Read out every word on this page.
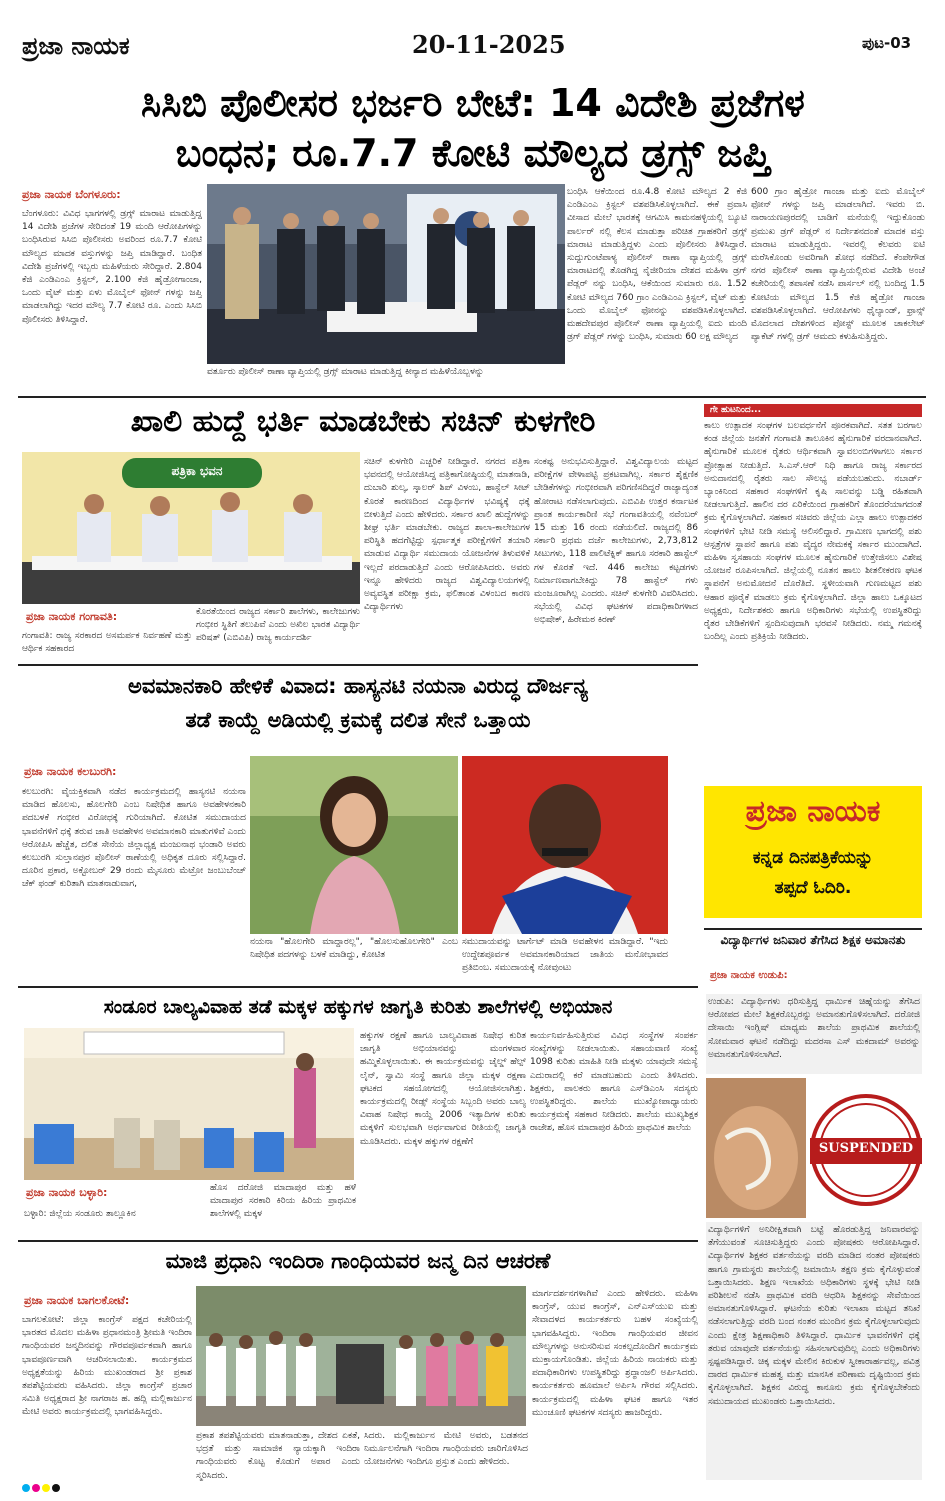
ಪ್ರಜಾ ನಾಯಕ	20-11-2025	ಪುಟ-03
ಸಿಸಿಬಿ ಪೊಲೀಸರ ಭರ್ಜರಿ ಬೇಟೆ: 14 ವಿದೇಶಿ ಪ್ರಜೆಗಳ
ಬಂಧನ; ರೂ.7.7 ಕೋಟಿ ಮೌಲ್ಯದ ಡ್ರಗ್ಸ್ ಜಪ್ತಿ
ಪ್ರಜಾ ನಾಯಕ ಬೆಂಗಳೂರು:
ಬೆಂಗಳೂರು: ವಿವಿಧ ಭಾಗಗಳಲ್ಲಿ ಡ್ರಗ್ಸ್ ಮಾರಾಟ ಮಾಡುತ್ತಿದ್ದ 14 ವಿದೇಶಿ ಪ್ರಜೆಗಳ ಸೇರಿದಂತೆ 19 ಮಂದಿ ಆರೋಪಿಗಳನ್ನು ಬಂಧಿಸಿರುವ ಸಿಸಿಬಿ ಪೊಲೀಸರು ಅವರಿಂದ ರೂ.7.7 ಕೋಟಿ ಮೌಲ್ಯದ ಮಾದಕ ವಸ್ತುಗಳನ್ನು ಜಪ್ತಿ ಮಾಡಿದ್ದಾರೆ. ಬಂಧಿತ ವಿದೇಶಿ ಪ್ರಜೆಗಳಲ್ಲಿ ಇಬ್ಬರು ಮಹಿಳೆಯರು ಸೇರಿದ್ದಾರೆ. 2.804 ಕೆಜಿ ಎಂಡಿಎಂಎ ಕ್ರಿಸ್ಟಲ್, 2.100 ಕೆಜಿ ಹೈಡ್ರೋಗಾಂಜಾ, ಒಂದು ವೈಟ್ ಮತ್ತು ಏಳು ಮೊಬೈಲ್ ಫೋನ್ ಗಳನ್ನು ಜಪ್ತಿ ಮಾಡಲಾಗಿದ್ದು ಇದರ ಮೌಲ್ಯ 7.7 ಕೋಟಿ ರೂ. ಎಂದು ಸಿಸಿಬಿ ಪೊಲೀಸರು ತಿಳಿಸಿದ್ದಾರೆ.
ವರ್ತೂರು ಪೊಲೀಸ್ ಠಾಣಾ ವ್ಯಾಪ್ತಿಯಲ್ಲಿ ಡ್ರಗ್ಸ್ ಮಾರಾಟ ಮಾಡುತ್ತಿದ್ದ ಕೀನ್ಯಾದ ಮಹಿಳೆಯೊಬ್ಬಳನ್ನು
ಬಂಧಿಸಿ ಆಕೆಯಿಂದ ರೂ.4.8 ಕೋಟಿ ಮೌಲ್ಯದ 2 ಕೆಜಿ ಎಂಡಿಎಂಎ ಕ್ರಿಸ್ಟಲ್ ವಶಪಡಿಸಿಕೊಳ್ಳಲಾಗಿದೆ. ಈಕೆ ಪ್ರವಾಸಿ ವೀಸಾದ ಮೇಲೆ ಭಾರತಕ್ಕೆ ಆಗಮಿಸಿ ಕಾಮನಹಳ್ಳಿಯಲ್ಲಿ ಬ್ಯೂಟಿ ಪಾರ್ಲರ್ ನಲ್ಲಿ ಕೆಲಸ ಮಾಡುತ್ತಾ ಪರಿಚಿತ ಗ್ರಾಹಕರಿಗೆ ಡ್ರಗ್ಸ್ ಮಾರಾಟ ಮಾಡುತ್ತಿದ್ದಳು ಎಂದು ಪೊಲೀಸರು ತಿಳಿಸಿದ್ದಾರೆ. ಸುದ್ದುಗುಂಟೆಪಾಳ್ಯ ಪೊಲೀಸ್ ಠಾಣಾ ವ್ಯಾಪ್ತಿಯಲ್ಲಿ ಡ್ರಗ್ಸ್ ಮಾರಾಟದಲ್ಲಿ ತೊಡಗಿದ್ದ ನೈಜೀರಿಯಾ ದೇಶದ ಮಹಿಳಾ ಡ್ರಗ್ ಪೆಡ್ಲರ್ ನನ್ನು ಬಂಧಿಸಿ, ಆಕೆಯಿಂದ ಸುಮಾರು ರೂ. 1.52 ಕೋಟಿ ಮೌಲ್ಯದ 760 ಗ್ರಾಂ ಎಂಡಿಎಂಎ ಕ್ರಿಸ್ಟಲ್, ವೈಟ್ ಮತ್ತು ಒಂದು ಮೊಬೈಲ್ ಫೋನನ್ನು ವಶಪಡಿಸಿಕೊಳ್ಳಲಾಗಿದೆ. ಮಹದೇವಪುರ ಪೊಲೀಸ್ ಠಾಣಾ ವ್ಯಾಪ್ತಿಯಲ್ಲಿ ಐದು ಮಂದಿ ಡ್ರಗ್ ಪೆಡ್ಲರ್ ಗಳನ್ನು ಬಂಧಿಸಿ, ಸುಮಾರು 60 ಲಕ್ಷ ಮೌಲ್ಯದ
600 ಗ್ರಾಂ ಹೈಡ್ರೋ ಗಾಂಜಾ ಮತ್ತು ಐದು ಮೊಬೈಲ್ ಫೋನ್ ಗಳನ್ನು ಜಪ್ತಿ ಮಾಡಲಾಗಿದೆ. ಇವರು ಬಿ. ನಾರಾಯಣಪುರದಲ್ಲಿ ಬಾಡಿಗೆ ಮನೆಯಲ್ಲಿ ಇದ್ದುಕೊಂಡು ಪ್ರಮುಖ ಡ್ರಗ್ ಪೆಡ್ಲರ್ ನ ನಿರ್ದೇಶನದಂತೆ ಮಾದಕ ವಸ್ತು ಮಾರಾಟ ಮಾಡುತ್ತಿದ್ದರು. ಇವರಲ್ಲಿ ಕೆಲವರು ಐಟಿ ಮರೆಸಿಕೊಂಡು ಅವರಿಗಾಗಿ ಶೋಧ ನಡೆದಿದೆ. ಕೆಂಪೇಗೌಡ ನಗರ ಪೊಲೀಸ್ ಠಾಣಾ ವ್ಯಾಪ್ತಿಯಲ್ಲಿರುವ ವಿದೇಶಿ ಅಂಚೆ ಕಚೇರಿಯಲ್ಲಿ ತಪಾಸಣೆ ನಡೆಸಿ ಪಾರ್ಸಲ್ ನಲ್ಲಿ ಬಂದಿದ್ದ 1.5 ಕೋಟಿಯ ಮೌಲ್ಯದ 1.5 ಕೆಜಿ ಹೈಡ್ರೋ ಗಾಂಜಾ ವಶಪಡಿಸಿಕೊಳ್ಳಲಾಗಿದೆ. ಆರೋಪಿಗಳು ಥೈಲ್ಯಾಂಡ್, ಫ್ರಾನ್ಸ್ ಮೊದಲಾದ ದೇಶಗಳಿಂದ ಪೋಸ್ಟ್ ಮೂಲಕ ಚಾಕಲೇಟ್ ಪ್ಯಾಕೆಟ್ ಗಳಲ್ಲಿ ಡ್ರಗ್ ಆಮದು ಕಳುಹಿಸುತ್ತಿದ್ದರು.
ಖಾಲಿ ಹುದ್ದೆ ಭರ್ತಿ ಮಾಡಬೇಕು ಸಚಿನ್ ಕುಳಗೇರಿ
ಪತ್ರಿಕಾ ಭವನ
ಪ್ರಜಾ ನಾಯಕ ಗಂಗಾವತಿ:
ಗಂಗಾವತಿ: ರಾಜ್ಯ ಸರಕಾರದ ಅಸಮರ್ಪಕ ನಿರ್ವಹಣೆ ಮತ್ತು ಆರ್ಥಿಕ ಸಹಕಾರದ
ಕೊರತೆಯಿಂದ ರಾಜ್ಯದ ಸರ್ಕಾರಿ ಶಾಲೆಗಳು, ಕಾಲೇಜುಗಳು ಗಂಭೀರ ಸ್ಥಿತಿಗೆ ತಲುಪಿವೆ ಎಂದು ಅಖಿಲ ಭಾರತ ವಿದ್ಯಾರ್ಥಿ ಪರಿಷತ್ (ಎಬಿವಿಪಿ) ರಾಜ್ಯ ಕಾರ್ಯದರ್ಶಿ
ಸಚಿನ್ ಕುಳಗೇರಿ ಎಚ್ಚರಿಕೆ ನೀಡಿದ್ದಾರೆ. ನಗರದ ಪತ್ರಿಕಾ ಭವನದಲ್ಲಿ ಆಯೋಜಿಸಿದ್ದ ಪತ್ರಿಕಾಗೋಷ್ಠಿಯಲ್ಲಿ ಮಾತನಾಡಿ, ದುಬಾರಿ ಶುಲ್ಕ, ಸ್ಕಾಲರ್ ಶಿಪ್ ವಿಳಂಬ, ಹಾಸ್ಟೆಲ್ ಸೀಟ್ ಕೊರತೆ ಕಾರಣದಿಂದ ವಿದ್ಯಾರ್ಥಿಗಳ ಭವಿಷ್ಯಕ್ಕೆ ಧಕ್ಕೆ ಬೀಳುತ್ತಿದೆ ಎಂದು ಹೇಳಿದರು. ಸರ್ಕಾರ ಖಾಲಿ ಹುದ್ದೆಗಳನ್ನು ಶೀಘ್ರ ಭರ್ತಿ ಮಾಡಬೇಕು. ರಾಜ್ಯದ ಶಾಲಾ-ಕಾಲೇಜುಗಳ ಪರಿಸ್ಥಿತಿ ಹದಗೆಟ್ಟಿದ್ದು ಸ್ಪರ್ಧಾತ್ಮಕ ಪರೀಕ್ಷೆಗಳಿಗೆ ತಯಾರಿ ಮಾಡುವ ವಿದ್ಯಾರ್ಥಿ ಸಮುದಾಯ ಯೋಜನೆಗಳ ತಿಳುವಳಿಕೆ ಇಲ್ಲದೆ ಪರದಾಡುತ್ತಿದೆ ಎಂದು ಆರೋಪಿಸಿದರು. ಅವರು ಇನ್ನೂ ಹೇಳಿದರು ರಾಜ್ಯದ ವಿಶ್ವವಿದ್ಯಾಲಯಗಳಲ್ಲಿ ಅವ್ಯವಸ್ಥಿತ ಪರೀಕ್ಷಾ ಕ್ರಮ, ಫಲಿತಾಂಶ ವಿಳಂಬದ ಕಾರಣ ವಿದ್ಯಾರ್ಥಿಗಳು
ಸಂಕಷ್ಟ ಅನುಭವಿಸುತ್ತಿದ್ದಾರೆ. ವಿಶ್ವವಿದ್ಯಾಲಯ ಮಟ್ಟದ ಪರೀಕ್ಷೆಗಳ ವೇಳಾಪಟ್ಟಿ ಪ್ರಕಟವಾಗಿಲ್ಲ. ಸರ್ಕಾರ ಶೈಕ್ಷಣಿಕ ಬೇಡಿಕೆಗಳನ್ನು ಗಂಭೀರವಾಗಿ ಪರಿಗಣಿಸದಿದ್ದರೆ ರಾಜ್ಯಾದ್ಯಂತ ಹೋರಾಟ ನಡೆಸಲಾಗುವುದು. ಎಬಿವಿಪಿ ಉತ್ತರ ಕರ್ನಾಟಕ ಪ್ರಾಂತ ಕಾರ್ಯಕಾರಿಣಿ ಸಭೆ ಗಂಗಾವತಿಯಲ್ಲಿ ನವೆಂಬರ್ 15 ಮತ್ತು 16 ರಂದು ನಡೆಯಲಿದೆ. ರಾಜ್ಯದಲ್ಲಿ 86 ಸರ್ಕಾರಿ ಪ್ರಥಮ ದರ್ಜೆ ಕಾಲೇಜುಗಳು, 2,73,812 ಸೀಟುಗಳು, 118 ಪಾಲಿಟೆಕ್ನಿಕ್ ಹಾಗೂ ಸರಕಾರಿ ಹಾಸ್ಟೆಲ್ ಗಳ ಕೊರತೆ ಇದೆ. 446 ಕಾಲೇಜು ಕಟ್ಟಡಗಳು ನಿರ್ಮಾಣವಾಗಬೇಕಿದ್ದು 78 ಹಾಸ್ಟೆಲ್ ಗಳು ಮಂಜೂರಾಗಿಲ್ಲ ಎಂದರು. ಸಚಿನ್ ಕುಳಗೇರಿ ವಿವರಿಸಿದರು. ಸಭೆಯಲ್ಲಿ ವಿವಿಧ ಘಟಕಗಳ ಪದಾಧಿಕಾರಿಗಳಾದ ಅಭಿಷೇಕ್, ಹಿರೇಮಠ ಕಿರಣ್
ಗೇ ಹುಟನಿಂದ...
ಕಾಲು ಉತ್ಪಾದಕ ಸಂಘಗಳ ಬಲವರ್ಧನೆಗೆ ಪೂರಕವಾಗಿದೆ. ಸತತ ಬರಗಾಲ ಕಂಡ ಜಿಲ್ಲೆಯ ಜನತೆಗೆ ಗಂಗಾವತಿ ತಾಲೂಕಿನ ಹೈನುಗಾರಿಕೆ ವರದಾನವಾಗಿದೆ. ಹೈನುಗಾರಿಕೆ ಮೂಲಕ ರೈತರು ಆರ್ಥಿಕವಾಗಿ ಸ್ವಾವಲಂಬಿಗಳಾಗಲು ಸರ್ಕಾರ ಪ್ರೋತ್ಸಾಹ ನೀಡುತ್ತಿದೆ. ಸಿ.ಎಸ್.ಆರ್ ನಿಧಿ ಹಾಗೂ ರಾಜ್ಯ ಸರ್ಕಾರದ ಅನುದಾನದಲ್ಲಿ ರೈತರು ಸಾಲ ಸೌಲಭ್ಯ ಪಡೆಯಬಹುದು. ನಬಾರ್ಡ್ ಬ್ಯಾಂಕಿನಿಂದ ಸಹಕಾರ ಸಂಘಗಳಿಗೆ ಕೃಷಿ ಸಾಲವನ್ನು ಬಡ್ಡಿ ರಹಿತವಾಗಿ ನೀಡಲಾಗುತ್ತಿದೆ. ಹಾಲಿನ ದರ ಏರಿಕೆಯಿಂದ ಗ್ರಾಹಕರಿಗೆ ತೊಂದರೆಯಾಗದಂತೆ ಕ್ರಮ ಕೈಗೊಳ್ಳಲಾಗಿದೆ. ಸಹಕಾರ ಸಚಿವರು ಜಿಲ್ಲೆಯ ಎಲ್ಲಾ ಹಾಲು ಉತ್ಪಾದಕರ ಸಂಘಗಳಿಗೆ ಭೇಟಿ ನೀಡಿ ಸಮಸ್ಯೆ ಆಲಿಸಲಿದ್ದಾರೆ. ಗ್ರಾಮೀಣ ಭಾಗದಲ್ಲಿ ಪಶು ಆಸ್ಪತ್ರೆಗಳ ಸ್ಥಾಪನೆ ಹಾಗೂ ಪಶು ವೈದ್ಯರ ನೇಮಕಕ್ಕೆ ಸರ್ಕಾರ ಮುಂದಾಗಿದೆ. ಮಹಿಳಾ ಸ್ವಸಹಾಯ ಸಂಘಗಳ ಮೂಲಕ ಹೈನುಗಾರಿಕೆ ಉತ್ತೇಜಿಸಲು ವಿಶೇಷ ಯೋಜನೆ ರೂಪಿಸಲಾಗಿದೆ. ಜಿಲ್ಲೆಯಲ್ಲಿ ನೂತನ ಹಾಲು ಶೀತಲೀಕರಣ ಘಟಕ ಸ್ಥಾಪನೆಗೆ ಅನುಮೋದನೆ ದೊರೆತಿದೆ. ಸ್ಥಳೀಯವಾಗಿ ಗುಣಮಟ್ಟದ ಪಶು ಆಹಾರ ಪೂರೈಕೆ ಮಾಡಲು ಕ್ರಮ ಕೈಗೊಳ್ಳಲಾಗಿದೆ. ಜಿಲ್ಲಾ ಹಾಲು ಒಕ್ಕೂಟದ ಅಧ್ಯಕ್ಷರು, ನಿರ್ದೇಶಕರು ಹಾಗೂ ಅಧಿಕಾರಿಗಳು ಸಭೆಯಲ್ಲಿ ಉಪಸ್ಥಿತರಿದ್ದು ರೈತರ ಬೇಡಿಕೆಗಳಿಗೆ ಸ್ಪಂದಿಸುವುದಾಗಿ ಭರವಸೆ ನೀಡಿದರು. ನಮ್ಮ ಗಮನಕ್ಕೆ ಬಂದಿಲ್ಲ ಎಂದು ಪ್ರತಿಕ್ರಿಯೆ ನೀಡಿದರು.
ಅವಮಾನಕಾರಿ ಹೇಳಿಕೆ ವಿವಾದ: ಹಾಸ್ಯನಟಿ ನಯನಾ ವಿರುದ್ಧ ದೌರ್ಜನ್ಯ
ತಡೆ ಕಾಯ್ದೆ ಅಡಿಯಲ್ಲಿ ಕ್ರಮಕ್ಕೆ ದಲಿತ ಸೇನೆ ಒತ್ತಾಯ
ಪ್ರಜಾ ನಾಯಕ ಕಲಬುರಗಿ:
ಕಲಬುರಗಿ: ವೈಯಕ್ತಿಕವಾಗಿ ನಡೆದ ಕಾರ್ಯಕ್ರಮದಲ್ಲಿ ಹಾಸ್ಯನಟಿ ನಯನಾ ಮಾಡಿದ ಹೊಲಸು, ಹೊಲಗೇರಿ ಎಂಬ ನಿಷೇಧಿತ ಹಾಗೂ ಅವಹೇಳನಕಾರಿ ಪದಬಳಕೆ ಗಂಭೀರ ವಿರೋಧಕ್ಕೆ ಗುರಿಯಾಗಿದೆ. ಕೋಟಿತ ಸಮುದಾಯದ ಭಾವನೆಗಳಿಗೆ ಧಕ್ಕೆ ತರುವ ಜಾತಿ ಅವಹೇಳನ ಅವಮಾನಕಾರಿ ಮಾತುಗಳಿವೆ ಎಂದು ಆರೋಪಿಸಿ ಹೆಚ್ಚೆತ, ದಲಿತ ಸೇನೆಯ ಜಿಲ್ಲಾಧ್ಯಕ್ಷ ಮಂಜುನಾಥ ಭಂಡಾರಿ ಅವರು ಕಲಬುರಗಿ ಸುಲ್ತಾನಪುರ ಪೊಲೀಸ್ ಠಾಣೆಯಲ್ಲಿ ಅಧಿಕೃತ ದೂರು ಸಲ್ಲಿಸಿದ್ದಾರೆ. ದೂರಿನ ಪ್ರಕಾರ, ಅಕ್ಟೋಬರ್ 29 ರಂದು ಮೈಸೂರು ಮೆಟ್ರೋ ಜಂಬುಬೆಂಚ್ ಚೆಕ್ ಫಂಡ್ ಕುರಿತಾಗಿ ಮಾತನಾಡುವಾಗ,
ನಯನಾ "ಹೊಲಗೇರಿ ಮಾದ್ದಾರಲ್ಲ", "ಹೊಲಸುಹೊಲಗೇರಿ" ಎಂಬ ನಿಷೇಧಿತ ಪದಗಳನ್ನು ಬಳಕೆ ಮಾಡಿದ್ದು, ಕೋಟಿತ
ಸಮುದಾಯವನ್ನು ಟಾರ್ಗೆಟ್ ಮಾಡಿ ಅವಹೇಳನ ಮಾಡಿದ್ದಾರೆ. "ಇದು ಉದ್ದೇಶಪೂರ್ವಕ ಅವಮಾನಕಾರಿಯಾದ ಜಾತಿಯ ಮನೋಭಾವದ ಪ್ರತಿಬಿಂಬ. ಸಮುದಾಯಕ್ಕೆ ನೋವುಂಟು
ಪ್ರಜಾ ನಾಯಕ
ಕನ್ನಡ ದಿನಪತ್ರಿಕೆಯನ್ನು
ತಪ್ಪದೆ ಓದಿರಿ.
ಸಂಡೂರ ಬಾಲ್ಯವಿವಾಹ ತಡೆ ಮಕ್ಕಳ ಹಕ್ಕುಗಳ ಜಾಗೃತಿ ಕುರಿತು ಶಾಲೆಗಳಲ್ಲಿ ಅಭಿಯಾನ
ಪ್ರಜಾ ನಾಯಕ ಬಳ್ಳಾರಿ:
ಬಳ್ಳಾರಿ: ಜಿಲ್ಲೆಯ ಸಂಡೂರು ತಾಲ್ಲೂಕಿನ
ಹೊಸ ದರೋಜಿ ಮಾದಾಪುರ ಮತ್ತು ಹಳೆ ಮಾದಾಪುರ ಸರಕಾರಿ ಕಿರಿಯ ಹಿರಿಯ ಪ್ರಾಥಮಿಕ ಶಾಲೆಗಳಲ್ಲಿ ಮಕ್ಕಳ
ಹಕ್ಕುಗಳ ರಕ್ಷಣೆ ಹಾಗೂ ಬಾಲ್ಯವಿವಾಹ ನಿಷೇಧ ಕುರಿತ ಜಾಗೃತಿ ಅಭಿಯಾನವನ್ನು ಮಂಗಳವಾರ ಹಮ್ಮಿಕೊಳ್ಳಲಾಯಿತು. ಈ ಕಾರ್ಯಕ್ರಮವನ್ನು ಚೈಲ್ಡ್ ಹೆಲ್ಪ್ ಲೈನ್, ಸ್ವಾಮಿ ಸಂಸ್ಥೆ ಹಾಗೂ ಜಿಲ್ಲಾ ಮಕ್ಕಳ ರಕ್ಷಣಾ ಘಟಕದ ಸಹಯೋಗದಲ್ಲಿ ಆಯೋಜಿಸಲಾಗಿತ್ತು. ಕಾರ್ಯಕ್ರಮದಲ್ಲಿ ರೀಡ್ಸ್ ಸಂಸ್ಥೆಯ ಸಿಬ್ಬಂದಿ ಅವರು ಬಾಲ್ಯ ವಿವಾಹ ನಿಷೇಧ ಕಾಯ್ದೆ 2006 ಇತ್ಯಾದಿಗಳ ಕುರಿತು ಮಕ್ಕಳಿಗೆ ಸುಲಭವಾಗಿ ಅರ್ಥವಾಗುವ ರೀತಿಯಲ್ಲಿ ಜಾಗೃತಿ ಮೂಡಿಸಿದರು. ಮಕ್ಕಳ ಹಕ್ಕುಗಳ ರಕ್ಷಣೆಗೆ
ಕಾರ್ಯನಿರ್ವಹಿಸುತ್ತಿರುವ ವಿವಿಧ ಸಂಸ್ಥೆಗಳ ಸಂಪರ್ಕ ಸಂಖ್ಯೆಗಳನ್ನು ನೀಡಲಾಯಿತು. ಸಹಾಯವಾಣಿ ಸಂಖ್ಯೆ 1098 ಕುರಿತು ಮಾಹಿತಿ ನೀಡಿ ಮಕ್ಕಳು ಯಾವುದೇ ಸಮಸ್ಯೆ ಎದುರಾದಲ್ಲಿ ಕರೆ ಮಾಡಬಹುದು ಎಂದು ತಿಳಿಸಿದರು. ಶಿಕ್ಷಕರು, ಪಾಲಕರು ಹಾಗೂ ಎಸ್‌ಡಿಎಂಸಿ ಸದಸ್ಯರು ಉಪಸ್ಥಿತರಿದ್ದರು. ಶಾಲೆಯ ಮುಖ್ಯೋಪಾಧ್ಯಾಯರು ಕಾರ್ಯಕ್ರಮಕ್ಕೆ ಸಹಕಾರ ನೀಡಿದರು. ಶಾಲೆಯ ಮುಖ್ಯಶಿಕ್ಷಕ ರಾಜೇಶ, ಹೊಸ ಮಾದಾಪುರ ಹಿರಿಯ ಪ್ರಾಥಮಿಕ ಶಾಲೆಯ
ವಿದ್ಯಾರ್ಥಿಗಳ ಜನಿವಾರ ತೆಗೆಸಿದ ಶಿಕ್ಷಕ ಅಮಾನತು
ಪ್ರಜಾ ನಾಯಕ ಉಡುಪಿ:
ಉಡುಪಿ: ವಿದ್ಯಾರ್ಥಿಗಳು ಧರಿಸುತ್ತಿದ್ದ ಧಾರ್ಮಿಕ ಚಿಹ್ನೆಯನ್ನು ತೆಗೆಸಿದ ಆರೋಪದ ಮೇಲೆ ಶಿಕ್ಷಕರೊಬ್ಬರನ್ನು ಅಮಾನತುಗೊಳಿಸಲಾಗಿದೆ. ದರೋಜಿ ದೇಸಾಯಿ ಇಂಗ್ಲಿಷ್ ಮಾಧ್ಯಮ ಶಾಲೆಯ ಪ್ರಾಥಮಿಕ ಶಾಲೆಯಲ್ಲಿ ಸೋಮವಾರ ಘಟನೆ ನಡೆದಿದ್ದು ಮದರಸಾ ಎಸ್ ಮಕದಾಮ್ ಅವರನ್ನು ಅಮಾನತುಗೊಳಿಸಲಾಗಿದೆ.
SUSPENDED
ವಿದ್ಯಾರ್ಥಿಗಳಿಗೆ ಅನಿರೀಕ್ಷಿತವಾಗಿ ಬಟ್ಟೆ ಹೊರಡುತ್ತಿದ್ದ ಜನಿವಾರವನ್ನು ತೆಗೆಯುವಂತೆ ಸೂಚಿಸುತ್ತಿದ್ದರು ಎಂದು ಪೋಷಕರು ಆರೋಪಿಸಿದ್ದಾರೆ. ವಿದ್ಯಾರ್ಥಿಗಳ ಶಿಕ್ಷಕರ ವರ್ತನೆಯನ್ನು ವರದಿ ಮಾಡಿದ ನಂತರ ಪೋಷಕರು ಹಾಗೂ ಗ್ರಾಮಸ್ಥರು ಶಾಲೆಯಲ್ಲಿ ಜಮಾಯಿಸಿ ತಕ್ಷಣ ಕ್ರಮ ಕೈಗೊಳ್ಳುವಂತೆ ಒತ್ತಾಯಿಸಿದರು. ಶಿಕ್ಷಣ ಇಲಾಖೆಯ ಅಧಿಕಾರಿಗಳು ಸ್ಥಳಕ್ಕೆ ಭೇಟಿ ನೀಡಿ ಪರಿಶೀಲನೆ ನಡೆಸಿ ಪ್ರಾಥಮಿಕ ವರದಿ ಆಧರಿಸಿ ಶಿಕ್ಷಕನನ್ನು ಸೇವೆಯಿಂದ ಅಮಾನತುಗೊಳಿಸಿದ್ದಾರೆ. ಘಟನೆಯ ಕುರಿತು ಇಲಾಖಾ ಮಟ್ಟದ ತನಿಖೆ ನಡೆಸಲಾಗುತ್ತಿದ್ದು ವರದಿ ಬಂದ ನಂತರ ಮುಂದಿನ ಕ್ರಮ ಕೈಗೊಳ್ಳಲಾಗುವುದು ಎಂದು ಕ್ಷೇತ್ರ ಶಿಕ್ಷಣಾಧಿಕಾರಿ ತಿಳಿಸಿದ್ದಾರೆ. ಧಾರ್ಮಿಕ ಭಾವನೆಗಳಿಗೆ ಧಕ್ಕೆ ತರುವ ಯಾವುದೇ ವರ್ತನೆಯನ್ನು ಸಹಿಸಲಾಗುವುದಿಲ್ಲ ಎಂದು ಅಧಿಕಾರಿಗಳು ಸ್ಪಷ್ಟಪಡಿಸಿದ್ದಾರೆ. ಚಿಕ್ಕ ಮಕ್ಕಳ ಮೇಲಿನ ಕಿರುಕುಳ ಸ್ವೀಕಾರಾರ್ಹವಲ್ಲ, ಪವಿತ್ರ ದಾರದ ಧಾರ್ಮಿಕ ಮಹತ್ವ ಮತ್ತು ಮಾನಸಿಕ ಪರಿಣಾಮ ದೃಷ್ಟಿಯಿಂದ ಕ್ರಮ ಕೈಗೊಳ್ಳಲಾಗಿದೆ. ಶಿಕ್ಷಕನ ವಿರುದ್ಧ ಕಾನೂನು ಕ್ರಮ ಕೈಗೊಳ್ಳಬೇಕೆಂದು ಸಮುದಾಯದ ಮುಖಂಡರು ಒತ್ತಾಯಿಸಿದರು.
ಮಾಜಿ ಪ್ರಧಾನಿ ಇಂದಿರಾ ಗಾಂಧಿಯವರ ಜನ್ಮ ದಿನ ಆಚರಣೆ
ಪ್ರಜಾ ನಾಯಕ ಬಾಗಲಕೋಟೆ:
ಬಾಗಲಕೋಟೆ: ಜಿಲ್ಲಾ ಕಾಂಗ್ರೆಸ್ ಪಕ್ಷದ ಕಚೇರಿಯಲ್ಲಿ ಭಾರತದ ಮೊದಲ ಮಹಿಳಾ ಪ್ರಧಾನಮಂತ್ರಿ ಶ್ರೀಮತಿ ಇಂದಿರಾ ಗಾಂಧಿಯವರ ಜನ್ಮದಿನವನ್ನು ಗೌರವಪೂರ್ವಕವಾಗಿ ಹಾಗೂ ಭಾವಪೂರ್ಣವಾಗಿ ಆಚರಿಸಲಾಯಿತು. ಕಾರ್ಯಕ್ರಮದ ಅಧ್ಯಕ್ಷತೆಯನ್ನು ಹಿರಿಯ ಮುಖಂಡರಾದ ಶ್ರೀ ಪ್ರಕಾಶ ತಪಶೆಟ್ಟಿಯವರು ವಹಿಸಿದರು. ಜಿಲ್ಲಾ ಕಾಂಗ್ರೆಸ್ ಪ್ರಚಾರ ಸಮಿತಿ ಅಧ್ಯಕ್ಷರಾದ ಶ್ರೀ ನಾಗರಾಜ ಹ. ಹದ್ಲಿ ಮಲ್ಲಿಕಾರ್ಜುನ ಮೇಟಿ ಅವರು ಕಾರ್ಯಕ್ರಮದಲ್ಲಿ ಭಾಗವಹಿಸಿದ್ದರು.
ಪ್ರಕಾಶ ತಪಶೆಟ್ಟಿಯವರು ಮಾತನಾಡುತ್ತಾ, ದೇಶದ ಏಕತೆ, ಭದ್ರತೆ ಮತ್ತು ಸಾಮಾಜಿಕ ನ್ಯಾಯಕ್ಕಾಗಿ ಇಂದಿರಾ ಗಾಂಧಿಯವರು ಕೊಟ್ಟ ಕೊಡುಗೆ ಅಪಾರ ಎಂದು ಸ್ಮರಿಸಿದರು.
ಸಿದರು. ಮಲ್ಲಿಕಾರ್ಜುನ ಮೇಟಿ ಅವರು, ಬಡತನದ ನಿರ್ಮೂಲನೆಗಾಗಿ ಇಂದಿರಾ ಗಾಂಧಿಯವರು ಜಾರಿಗೊಳಿಸಿದ ಯೋಜನೆಗಳು ಇಂದಿಗೂ ಪ್ರಸ್ತುತ ಎಂದು ಹೇಳಿದರು.
ಮಾರ್ಗದರ್ಶನಗಳಾಗಿವೆ ಎಂದು ಹೇಳಿದರು. ಮಹಿಳಾ ಕಾಂಗ್ರೆಸ್, ಯುವ ಕಾಂಗ್ರೆಸ್, ಎನ್‌ಎಸ್‌ಯುಐ ಮತ್ತು ಸೇವಾದಳದ ಕಾರ್ಯಕರ್ತರು ಬಹಳ ಸಂಖ್ಯೆಯಲ್ಲಿ ಭಾಗವಹಿಸಿದ್ದರು. ಇಂದಿರಾ ಗಾಂಧಿಯವರ ಜೀವನ ಮೌಲ್ಯಗಳನ್ನು ಅನುಸರಿಸುವ ಸಂಕಲ್ಪದೊಂದಿಗೆ ಕಾರ್ಯಕ್ರಮ ಮುಕ್ತಾಯಗೊಂಡಿತು. ಜಿಲ್ಲೆಯ ಹಿರಿಯ ನಾಯಕರು ಮತ್ತು ಪದಾಧಿಕಾರಿಗಳು ಉಪಸ್ಥಿತರಿದ್ದು ಶ್ರದ್ಧಾಂಜಲಿ ಅರ್ಪಿಸಿದರು. ಕಾರ್ಯಕರ್ತರು ಹೂಮಾಲೆ ಅರ್ಪಿಸಿ ಗೌರವ ಸಲ್ಲಿಸಿದರು. ಕಾರ್ಯಕ್ರಮದಲ್ಲಿ ಮಹಿಳಾ ಘಟಕ ಹಾಗೂ ಇತರ ಮುಂಚೂಣಿ ಘಟಕಗಳ ಸದಸ್ಯರು ಹಾಜರಿದ್ದರು.
